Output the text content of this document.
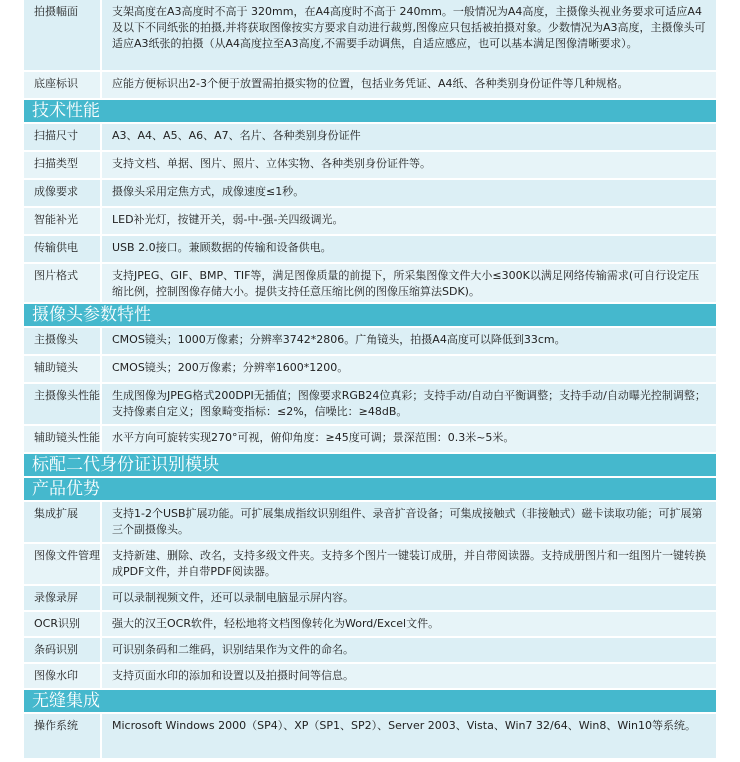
拍摄幅面	支架高度在A3高度时不高于 320mm，在A4高度时不高于 240mm。一般情况为A4高度，主摄像头视业务要求可适应A4及以下不同纸张的拍摄,并将获取图像按实方要求自动进行裁剪,图像应只包括被拍摄对象。少数情况为A3高度，主摄像头可适应A3纸张的拍摄（从A4高度拉至A3高度,不需要手动调焦，自适应感应，也可以基本满足图像清晰要求）。
底座标识	应能方便标识出2-3个便于放置需拍摄实物的位置，包括业务凭证、A4纸、各种类别身份证件等几种规格。
技术性能
扫描尺寸	A3、A4、A5、A6、A7、名片、各种类别身份证件
扫描类型	支持文档、单据、图片、照片、立体实物、各种类别身份证件等。
成像要求	摄像头采用定焦方式，成像速度≤1秒。
智能补光	LED补光灯，按键开关，弱-中-强-关四级调光。
传输供电	USB 2.0接口。兼顾数据的传输和设备供电。
图片格式	支持JPEG、GIF、BMP、TIF等，满足图像质量的前提下，所采集图像文件大小≤300K以满足网络传输需求(可自行设定压缩比例，控制图像存储大小。提供支持任意压缩比例的图像压缩算法SDK)。
摄像头参数特性
主摄像头	CMOS镜头；1000万像素；分辨率3742*2806。广角镜头，拍摄A4高度可以降低到33cm。
辅助镜头	CMOS镜头；200万像素；分辨率1600*1200。
主摄像头性能	生成图像为JPEG格式200DPI无插值；图像要求RGB24位真彩；支持手动/自动白平衡调整；支持手动/自动曝光控制调整；支持像素自定义；图象畸变指标：≤2%，信噪比：≥48dB。
辅助镜头性能	水平方向可旋转实现270°可视，俯仰角度：≥45度可调；景深范围：0.3米~5米。
标配二代身份证识别模块
产品优势
集成扩展	支持1-2个USB扩展功能。可扩展集成指纹识别组件、录音扩音设备；可集成接触式（非接触式）磁卡读取功能；可扩展第三个副摄像头。
图像文件管理	支持新建、删除、改名，支持多级文件夹。支持多个图片一键装订成册，并自带阅读器。支持成册图片和一组图片一键转换成PDF文件，并自带PDF阅读器。
录像录屏	可以录制视频文件，还可以录制电脑显示屏内容。
OCR识别	强大的汉王OCR软件，轻松地将文档图像转化为Word/Excel文件。
条码识别	可识别条码和二维码，识别结果作为文件的命名。
图像水印	支持页面水印的添加和设置以及拍摄时间等信息。
无缝集成
操作系统	Microsoft Windows 2000（SP4）、XP（SP1、SP2）、Server 2003、Vista、Win7 32/64、Win8、Win10等系统。
